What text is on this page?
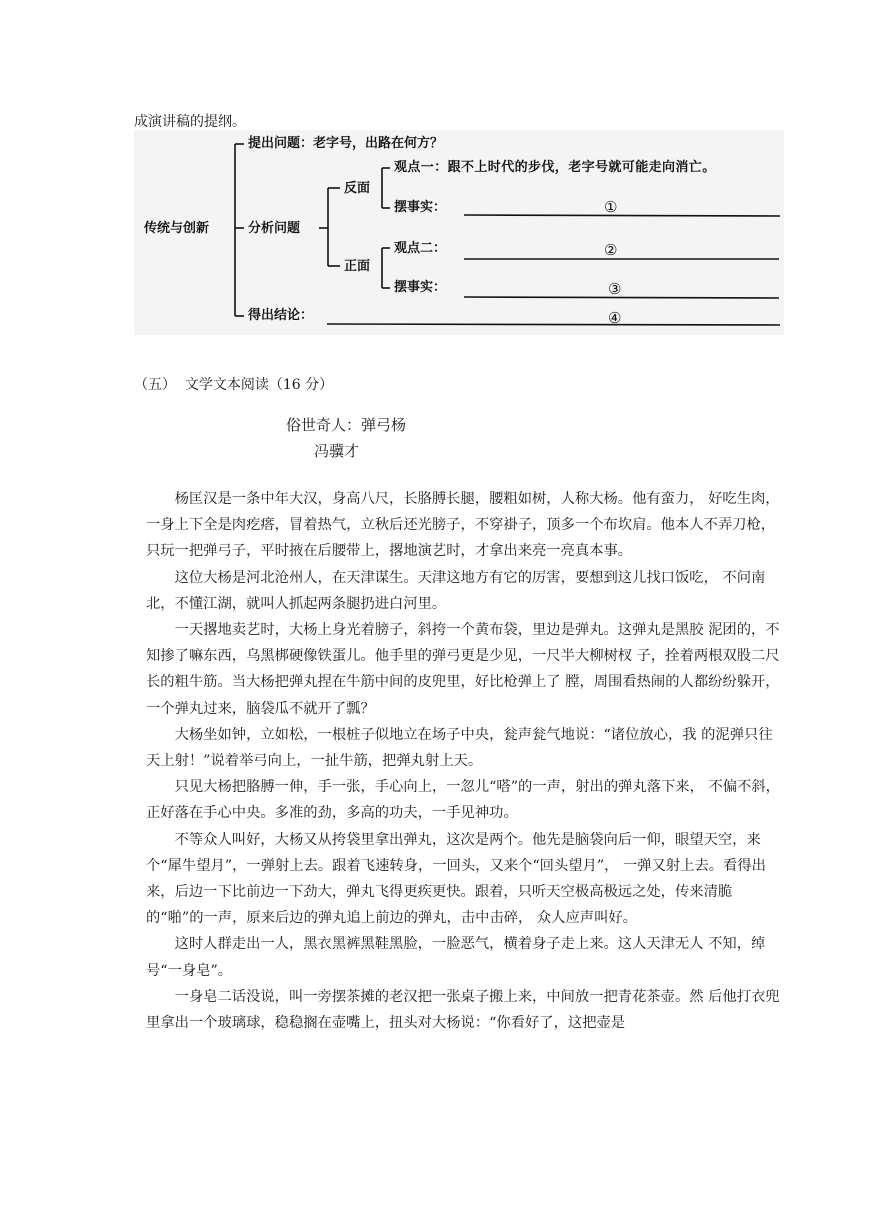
成演讲稿的提纲。
传统与创新
提出问题：老字号，出路在何方？
分析问题
得出结论：
反面
正面
观点一：跟不上时代的步伐，老字号就可能走向消亡。
摆事实：
观点二：
摆事实：
①
②
③
④
（五）  文学文本阅读（16 分）
俗世奇人：弹弓杨
冯骥才

杨匡汉是一条中年大汉，身高八尺，长胳膊长腿，腰粗如树，人称大杨。他有蛮力， 好吃生肉，一身上下全是肉疙瘩，冒着热气，立秋后还光膀子，不穿褂子，顶多一个布坎肩。他本人不弄刀枪，只玩一把弹弓子，平时掖在后腰带上，撂地演艺时，才拿出来亮一亮真本事。

这位大杨是河北沧州人，在天津谋生。天津这地方有它的厉害，要想到这儿找口饭吃， 不问南北，不懂江湖，就叫人抓起两条腿扔进白河里。

一天撂地卖艺时，大杨上身光着膀子，斜挎一个黄布袋，里边是弹丸。这弹丸是黑胶 泥团的，不知掺了嘛东西，乌黑梆硬像铁蛋儿。他手里的弹弓更是少见，一尺半大柳树杈 子，拴着两根双股二尺长的粗牛筋。当大杨把弹丸捏在牛筋中间的皮兜里，好比枪弹上了 膛，周围看热闹的人都纷纷躲开，一个弹丸过来，脑袋瓜不就开了瓢？

大杨坐如钟，立如松，一根桩子似地立在场子中央，瓮声瓮气地说：“诸位放心，我 的泥弹只往天上射！”说着举弓向上，一扯牛筋，把弹丸射上天。

只见大杨把胳膊一伸，手一张，手心向上，一忽儿“嗒”的一声，射出的弹丸落下来， 不偏不斜，正好落在手心中央。多准的劲，多高的功夫，一手见神功。

不等众人叫好，大杨又从挎袋里拿出弹丸，这次是两个。他先是脑袋向后一仰，眼望天空，来个“犀牛望月”，一弹射上去。跟着飞速转身，一回头，又来个“回头望月”， 一弹又射上去。看得出来，后边一下比前边一下劲大，弹丸飞得更疾更快。跟着，只听天空极高极远之处，传来清脆的“啪”的一声，原来后边的弹丸追上前边的弹丸，击中击碎， 众人应声叫好。

这时人群走出一人，黑衣黑裤黑鞋黑脸，一脸恶气，横着身子走上来。这人天津无人 不知，绰号“一身皂”。

一身皂二话没说，叫一旁摆茶摊的老汉把一张桌子搬上来，中间放一把青花茶壶。然 后他打衣兜里拿出一个玻璃球，稳稳搁在壶嘴上，扭头对大杨说：“你看好了，这把壶是
